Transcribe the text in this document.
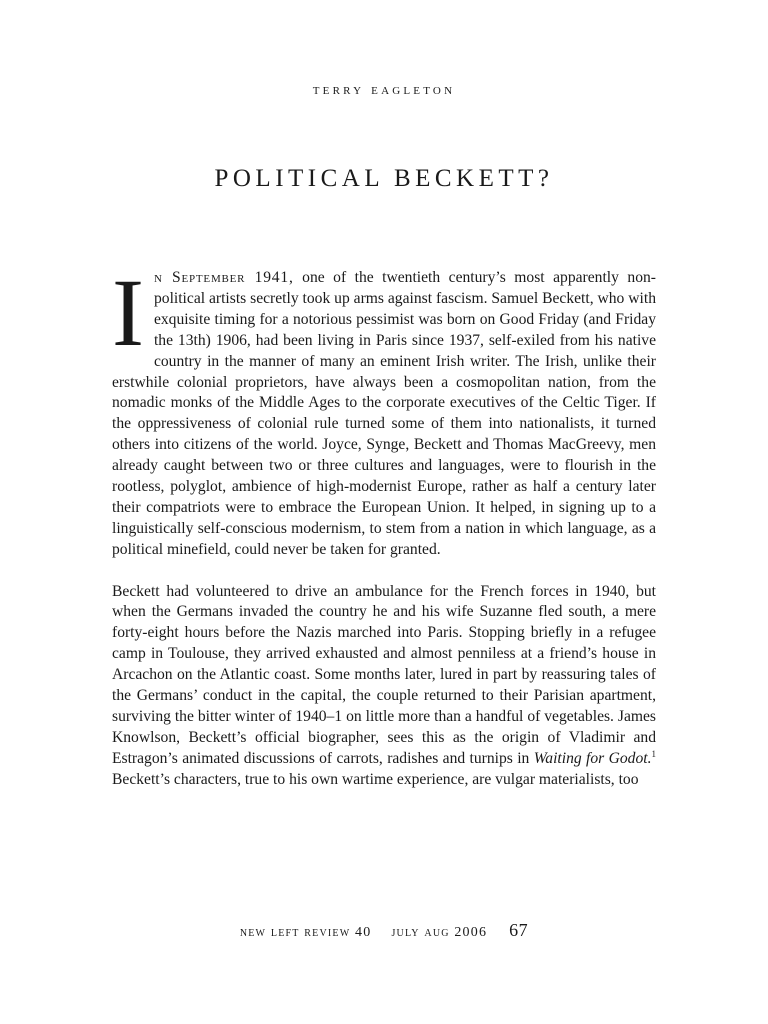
terry eagleton
POLITICAL BECKETT?

In September 1941, one of the twentieth century’s most apparently non-political artists secretly took up arms against fascism. Samuel Beckett, who with exquisite timing for a notorious pessimist was born on Good Friday (and Friday the 13th) 1906, had been living in Paris since 1937, self-exiled from his native country in the manner of many an eminent Irish writer. The Irish, unlike their erstwhile colonial proprietors, have always been a cosmopolitan nation, from the nomadic monks of the Middle Ages to the corporate executives of the Celtic Tiger. If the oppressiveness of colonial rule turned some of them into nationalists, it turned others into citizens of the world. Joyce, Synge, Beckett and Thomas MacGreevy, men already caught between two or three cultures and languages, were to flourish in the rootless, polyglot, ambience of high-modernist Europe, rather as half a century later their compatriots were to embrace the European Union. It helped, in signing up to a linguistically self-conscious modernism, to stem from a nation in which language, as a political minefield, could never be taken for granted.

Beckett had volunteered to drive an ambulance for the French forces in 1940, but when the Germans invaded the country he and his wife Suzanne fled south, a mere forty-eight hours before the Nazis marched into Paris. Stopping briefly in a refugee camp in Toulouse, they arrived exhausted and almost penniless at a friend’s house in Arcachon on the Atlantic coast. Some months later, lured in part by reassuring tales of the Germans’ conduct in the capital, the couple returned to their Parisian apartment, surviving the bitter winter of 1940–1 on little more than a handful of vegetables. James Knowlson, Beckett’s official biographer, sees this as the origin of Vladimir and Estragon’s animated discussions of carrots, radishes and turnips in Waiting for Godot.$^1$ Beckett’s characters, true to his own wartime experience, are vulgar materialists, too

new left review 40 july aug 2006 67
